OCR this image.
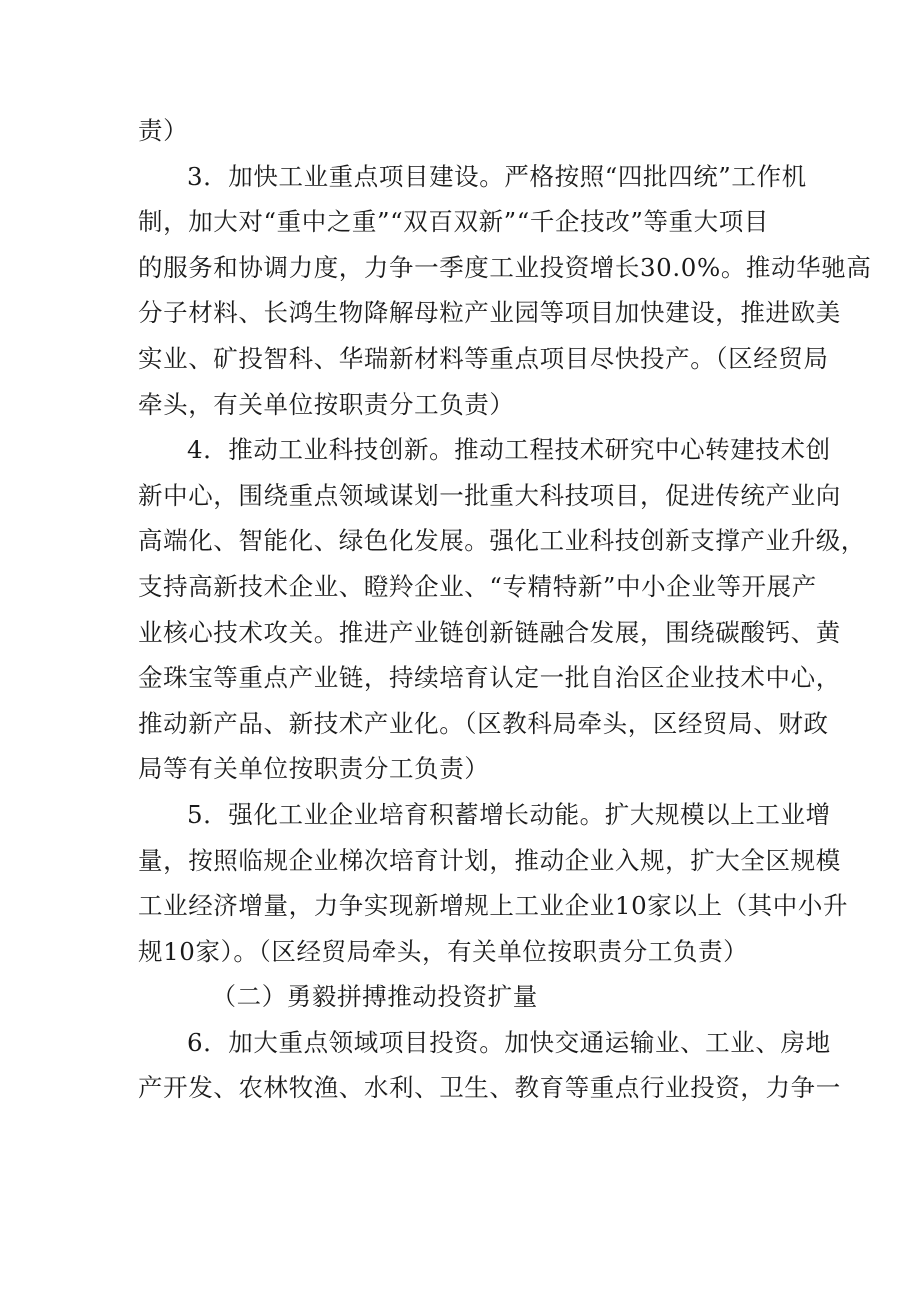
责）

3．加快工业重点项目建设。严格按照“四批四统”工作机
制，加大对“重中之重”“双百双新”“千企技改”等重大项目
的服务和协调力度，力争一季度工业投资增长30.0%。推动华驰高
分子材料、长鸿生物降解母粒产业园等项目加快建设，推进欧美
实业、矿投智科、华瑞新材料等重点项目尽快投产。（区经贸局
牵头，有关单位按职责分工负责）

4．推动工业科技创新。推动工程技术研究中心转建技术创
新中心，围绕重点领域谋划一批重大科技项目，促进传统产业向
高端化、智能化、绿色化发展。强化工业科技创新支撑产业升级，
支持高新技术企业、瞪羚企业、“专精特新”中小企业等开展产
业核心技术攻关。推进产业链创新链融合发展，围绕碳酸钙、黄
金珠宝等重点产业链，持续培育认定一批自治区企业技术中心，
推动新产品、新技术产业化。（区教科局牵头，区经贸局、财政
局等有关单位按职责分工负责）

5．强化工业企业培育积蓄增长动能。扩大规模以上工业增
量，按照临规企业梯次培育计划，推动企业入规，扩大全区规模
工业经济增量，力争实现新增规上工业企业10家以上（其中小升
规10家）。（区经贸局牵头，有关单位按职责分工负责）

（二）勇毅拼搏推动投资扩量

6．加大重点领域项目投资。加快交通运输业、工业、房地
产开发、农林牧渔、水利、卫生、教育等重点行业投资，力争一
